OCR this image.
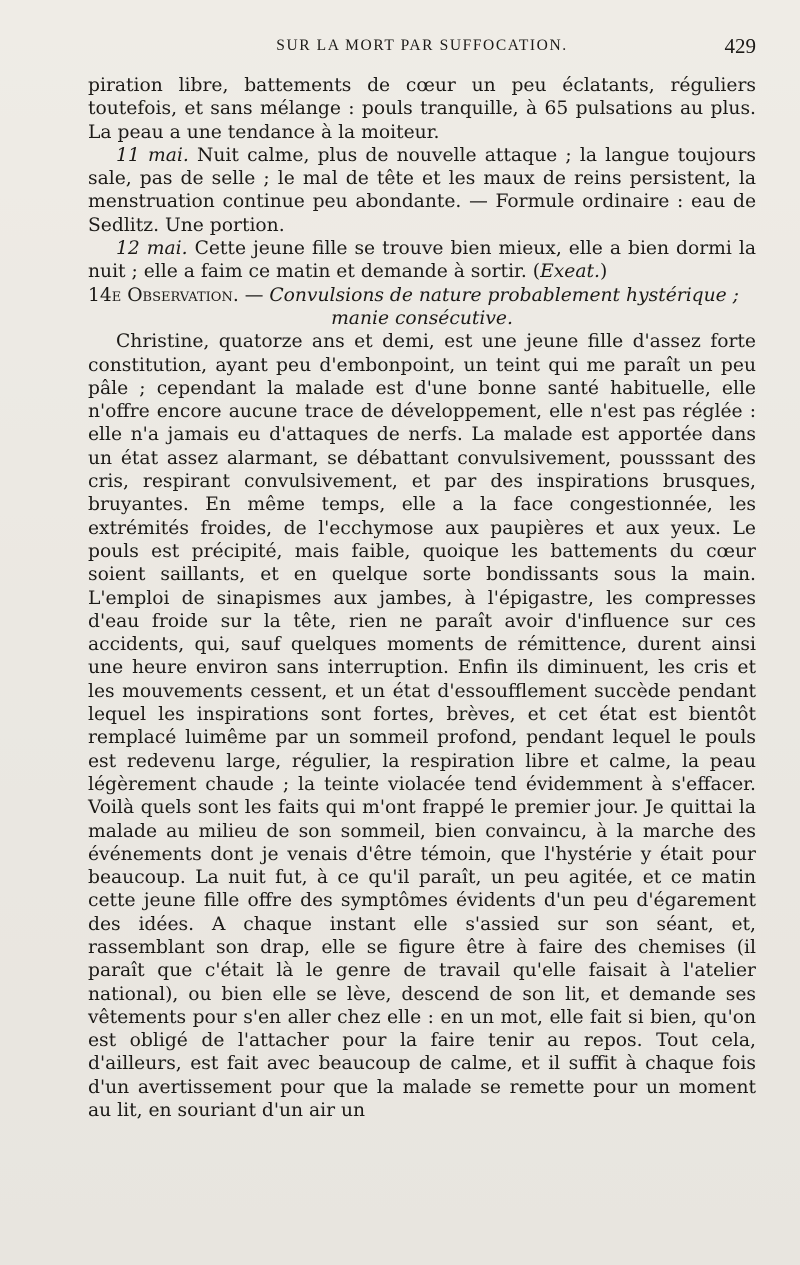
SUR LA MORT PAR SUFFOCATION.	429

piration libre, battements de cœur un peu éclatants, réguliers toutefois, et sans mélange : pouls tranquille, à 65 pulsations au plus. La peau a une tendance à la moiteur.

11 mai. Nuit calme, plus de nouvelle attaque ; la langue toujours sale, pas de selle ; le mal de tête et les maux de reins persistent, la menstruation continue peu abondante. — Formule ordinaire : eau de Sedlitz. Une portion.

12 mai. Cette jeune fille se trouve bien mieux, elle a bien dormi la nuit ; elle a faim ce matin et demande à sortir. (Exeat.)

14e Observation. — Convulsions de nature probablement hystérique ;

manie consécutive.

Christine, quatorze ans et demi, est une jeune fille d'assez forte constitution, ayant peu d'embonpoint, un teint qui me paraît un peu pâle ; cependant la malade est d'une bonne santé habituelle, elle n'offre encore aucune trace de développement, elle n'est pas réglée : elle n'a jamais eu d'attaques de nerfs. La malade est apportée dans un état assez alarmant, se débattant convulsivement, pousssant des cris, respirant convulsivement, et par des inspirations brusques, bruyantes. En même temps, elle a la face congestionnée, les extrémités froides, de l'ecchymose aux paupières et aux yeux. Le pouls est précipité, mais faible, quoique les battements du cœur soient saillants, et en quelque sorte bondissants sous la main. L'emploi de sinapismes aux jambes, à l'épigastre, les compresses d'eau froide sur la tête, rien ne paraît avoir d'influence sur ces accidents, qui, sauf quelques moments de rémittence, durent ainsi une heure environ sans interruption. Enfin ils diminuent, les cris et les mouvements cessent, et un état d'essoufflement succède pendant lequel les inspirations sont fortes, brèves, et cet état est bientôt remplacé luimême par un sommeil profond, pendant lequel le pouls est redevenu large, régulier, la respiration libre et calme, la peau légèrement chaude ; la teinte violacée tend évidemment à s'effacer. Voilà quels sont les faits qui m'ont frappé le premier jour. Je quittai la malade au milieu de son sommeil, bien convaincu, à la marche des événements dont je venais d'être témoin, que l'hystérie y était pour beaucoup. La nuit fut, à ce qu'il paraît, un peu agitée, et ce matin cette jeune fille offre des symptômes évidents d'un peu d'égarement des idées. A chaque instant elle s'assied sur son séant, et, rassemblant son drap, elle se figure être à faire des chemises (il paraît que c'était là le genre de travail qu'elle faisait à l'atelier national), ou bien elle se lève, descend de son lit, et demande ses vêtements pour s'en aller chez elle : en un mot, elle fait si bien, qu'on est obligé de l'attacher pour la faire tenir au repos. Tout cela, d'ailleurs, est fait avec beaucoup de calme, et il suffit à chaque fois d'un avertissement pour que la malade se remette pour un moment au lit, en souriant d'un air un
